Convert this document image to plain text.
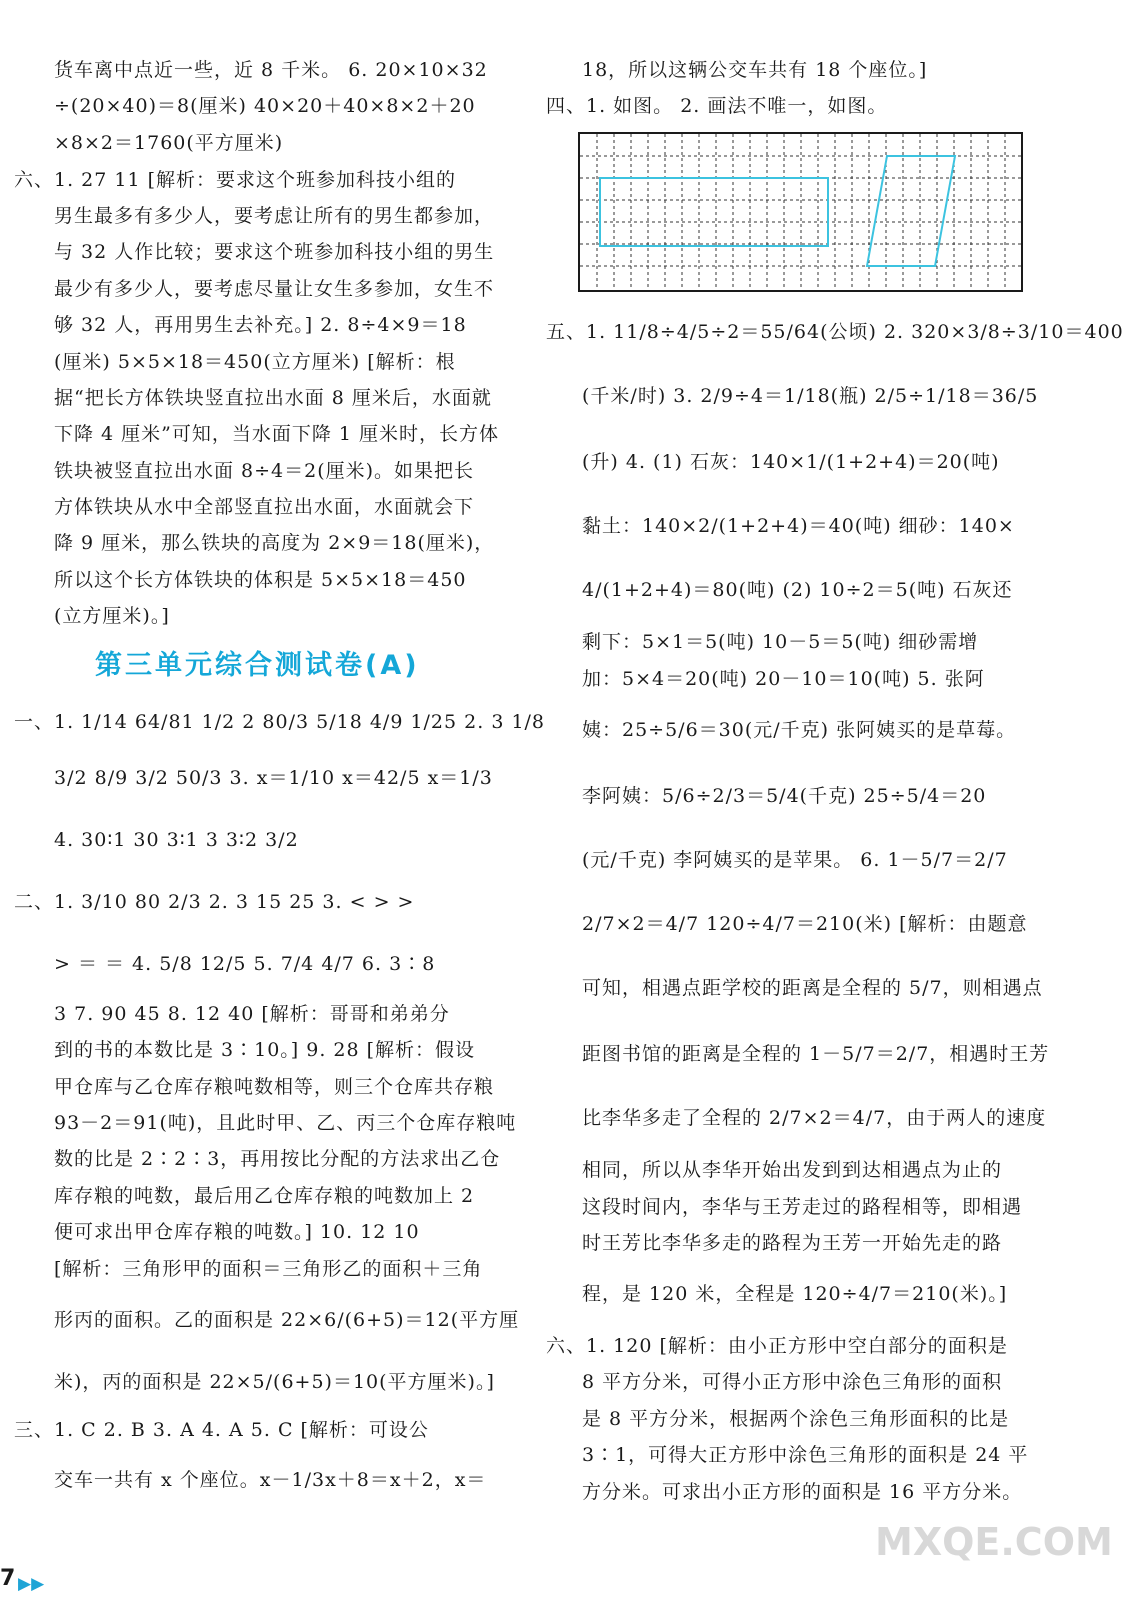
货车离中点近一些，近 8 千米。 6. 20×10×32
÷(20×40)＝8(厘米) 40×20＋40×8×2＋20
×8×2＝1760(平方厘米)
六、1. 27 11 [解析：要求这个班参加科技小组的
男生最多有多少人，要考虑让所有的男生都参加，
与 32 人作比较；要求这个班参加科技小组的男生
最少有多少人，要考虑尽量让女生多参加，女生不
够 32 人，再用男生去补充。] 2. 8÷4×9＝18
(厘米) 5×5×18＝450(立方厘米) [解析：根
据“把长方体铁块竖直拉出水面 8 厘米后，水面就
下降 4 厘米”可知，当水面下降 1 厘米时，长方体
铁块被竖直拉出水面 8÷4＝2(厘米)。如果把长
方体铁块从水中全部竖直拉出水面，水面就会下
降 9 厘米，那么铁块的高度为 2×9＝18(厘米)，
所以这个长方体铁块的体积是 5×5×18＝450
(立方厘米)。]
第三单元综合测试卷(A)
一、1. 1/14 64/81 1/2 2 80/3 5/18 4/9 1/25 2. 3 1/8
3/2 8/9 3/2 50/3 3. x＝1/10 x＝42/5 x＝1/3
4. 30∶1 30 3∶1 3 3∶2 3/2
二、1. 3/10 80 2/3 2. 3 15 25 3. < > >
> ＝ ＝ 4. 5/8 12/5 5. 7/4 4/7 6. 3∶8
3 7. 90 45 8. 12 40 [解析：哥哥和弟弟分
到的书的本数比是 3∶10。] 9. 28 [解析：假设
甲仓库与乙仓库存粮吨数相等，则三个仓库共存粮
93－2＝91(吨)，且此时甲、乙、丙三个仓库存粮吨
数的比是 2∶2∶3，再用按比分配的方法求出乙仓
库存粮的吨数，最后用乙仓库存粮的吨数加上 2
便可求出甲仓库存粮的吨数。] 10. 12 10
[解析：三角形甲的面积＝三角形乙的面积＋三角
形丙的面积。乙的面积是 22×6/(6+5)＝12(平方厘
米)，丙的面积是 22×5/(6+5)＝10(平方厘米)。]
三、1. C 2. B 3. A 4. A 5. C [解析：可设公
交车一共有 x 个座位。x－1/3x＋8＝x＋2，x＝
18，所以这辆公交车共有 18 个座位。]
四、1. 如图。 2. 画法不唯一，如图。
五、1. 11/8÷4/5÷2＝55/64(公顷) 2. 320×3/8÷3/10＝400
(千米/时) 3. 2/9÷4＝1/18(瓶) 2/5÷1/18＝36/5
(升) 4. (1) 石灰：140×1/(1+2+4)＝20(吨)
黏土：140×2/(1+2+4)＝40(吨) 细砂：140×
4/(1+2+4)＝80(吨) (2) 10÷2＝5(吨) 石灰还
剩下：5×1＝5(吨) 10－5＝5(吨) 细砂需增
加：5×4＝20(吨) 20－10＝10(吨) 5. 张阿
姨：25÷5/6＝30(元/千克) 张阿姨买的是草莓。
李阿姨：5/6÷2/3＝5/4(千克) 25÷5/4＝20
(元/千克) 李阿姨买的是苹果。 6. 1－5/7＝2/7
2/7×2＝4/7 120÷4/7＝210(米) [解析：由题意
可知，相遇点距学校的距离是全程的 5/7，则相遇点
距图书馆的距离是全程的 1－5/7＝2/7，相遇时王芳
比李华多走了全程的 2/7×2＝4/7，由于两人的速度
相同，所以从李华开始出发到到达相遇点为止的
这段时间内，李华与王芳走过的路程相等，即相遇
时王芳比李华多走的路程为王芳一开始先走的路
程，是 120 米，全程是 120÷4/7＝210(米)。]
六、1. 120 [解析：由小正方形中空白部分的面积是
8 平方分米，可得小正方形中涂色三角形的面积
是 8 平方分米，根据两个涂色三角形面积的比是
3∶1，可得大正方形中涂色三角形的面积是 24 平
方分米。可求出小正方形的面积是 16 平方分米。
7 ▶▶
MXQE.COM
